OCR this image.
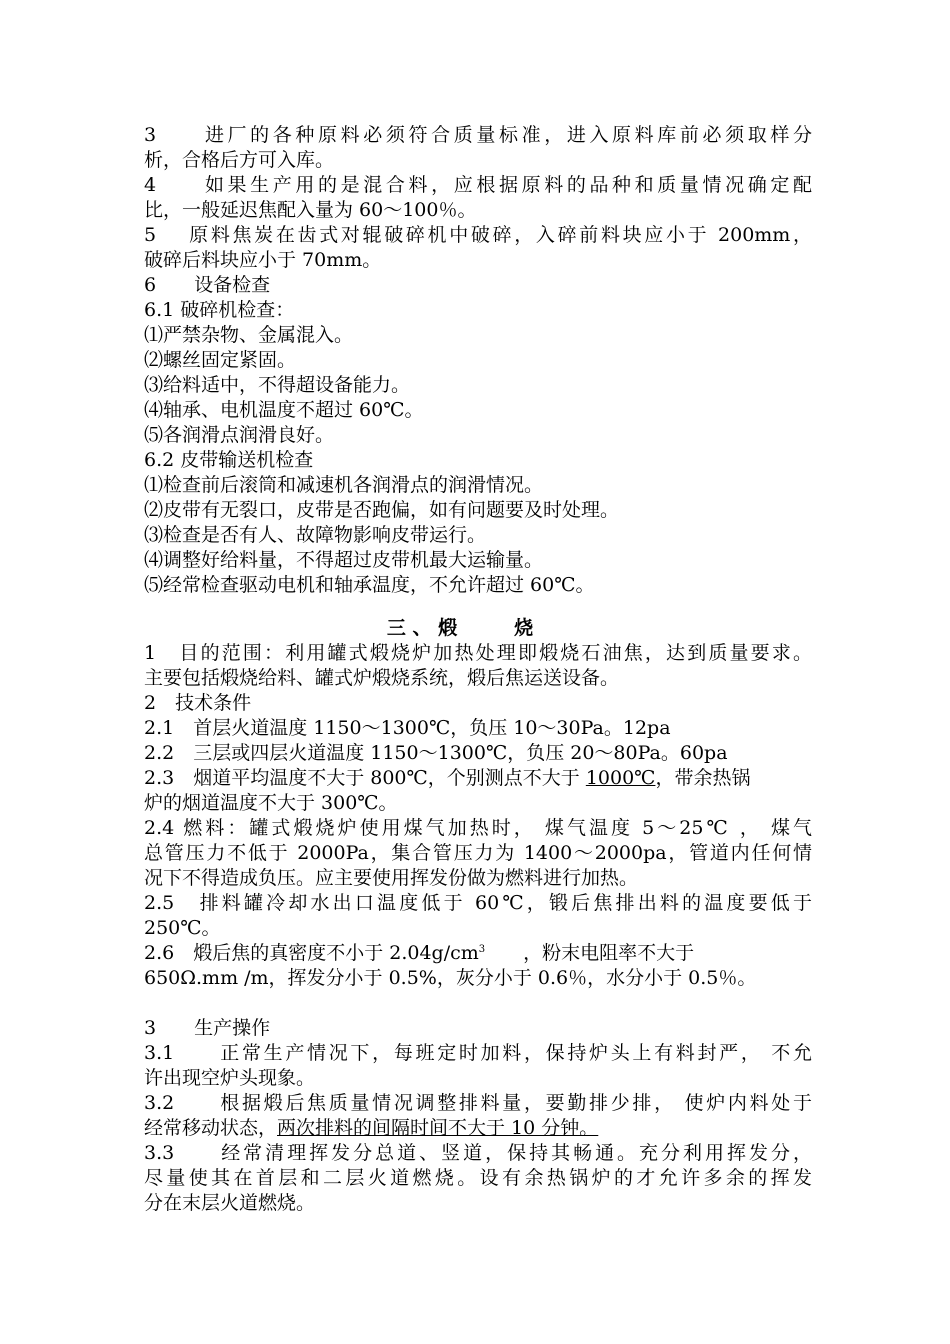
3　　进厂的各种原料必须符合质量标准，进入原料库前必须取样分
析，合格后方可入库。
4　　如果生产用的是混合料，应根据原料的品种和质量情况确定配
比，一般延迟焦配入量为 60～100％。
5　 原料焦炭在齿式对辊破碎机中破碎，入碎前料块应小于 200mm，
破碎后料块应小于 70mm。
6　　设备检查
6.1 破碎机检查：
⑴严禁杂物、金属混入。
⑵螺丝固定紧固。
⑶给料适中，不得超设备能力。
⑷轴承、电机温度不超过 60℃。
⑸各润滑点润滑良好。
6.2 皮带输送机检查
⑴检查前后滚筒和减速机各润滑点的润滑情况。
⑵皮带有无裂口，皮带是否跑偏，如有问题要及时处理。
⑶检查是否有人、故障物影响皮带运行。
⑷调整好给料量，不得超过皮带机最大运输量。
⑸经常检查驱动电机和轴承温度，不允许超过 60℃。
三 、 煅　　　烧
1　目的范围：利用罐式煅烧炉加热处理即煅烧石油焦，达到质量要求。
主要包括煅烧给料、罐式炉煅烧系统，煅后焦运送设备。
2　技术条件
2.1　首层火道温度 1150～1300℃，负压 10～30Pa。12pa
2.2　三层或四层火道温度 1150～1300℃，负压 20～80Pa。60pa
2.3　烟道平均温度不大于 800℃，个别测点不大于 1000℃，带余热锅
炉的烟道温度不大于 300℃。
2.4 燃料：罐式煅烧炉使用煤气加热时， 煤气温度 5～25℃ ， 煤气
总管压力不低于 2000Pa，集合管压力为 1400～2000pa，管道内任何情
况下不得造成负压。应主要使用挥发份做为燃料进行加热。
2.5　排料罐冷却水出口温度低于 60℃，锻后焦排出料的温度要低于
250℃。
2.6　煅后焦的真密度不小于 $2.04g/cm^3$　　，粉末电阻率不大于
650Ω.mm /m，挥发分小于 0.5%，灰分小于 0.6％，水分小于 0.5％。
3　　生产操作
3.1　　正常生产情况下，每班定时加料，保持炉头上有料封严， 不允
许出现空炉头现象。
3.2　　根据煅后焦质量情况调整排料量，要勤排少排， 使炉内料处于
经常移动状态，两次排料的间隔时间不大于 10 分钟。
3.3　　经常清理挥发分总道、竖道，保持其畅通。充分利用挥发分，
尽量使其在首层和二层火道燃烧。设有余热锅炉的才允许多余的挥发
分在末层火道燃烧。
